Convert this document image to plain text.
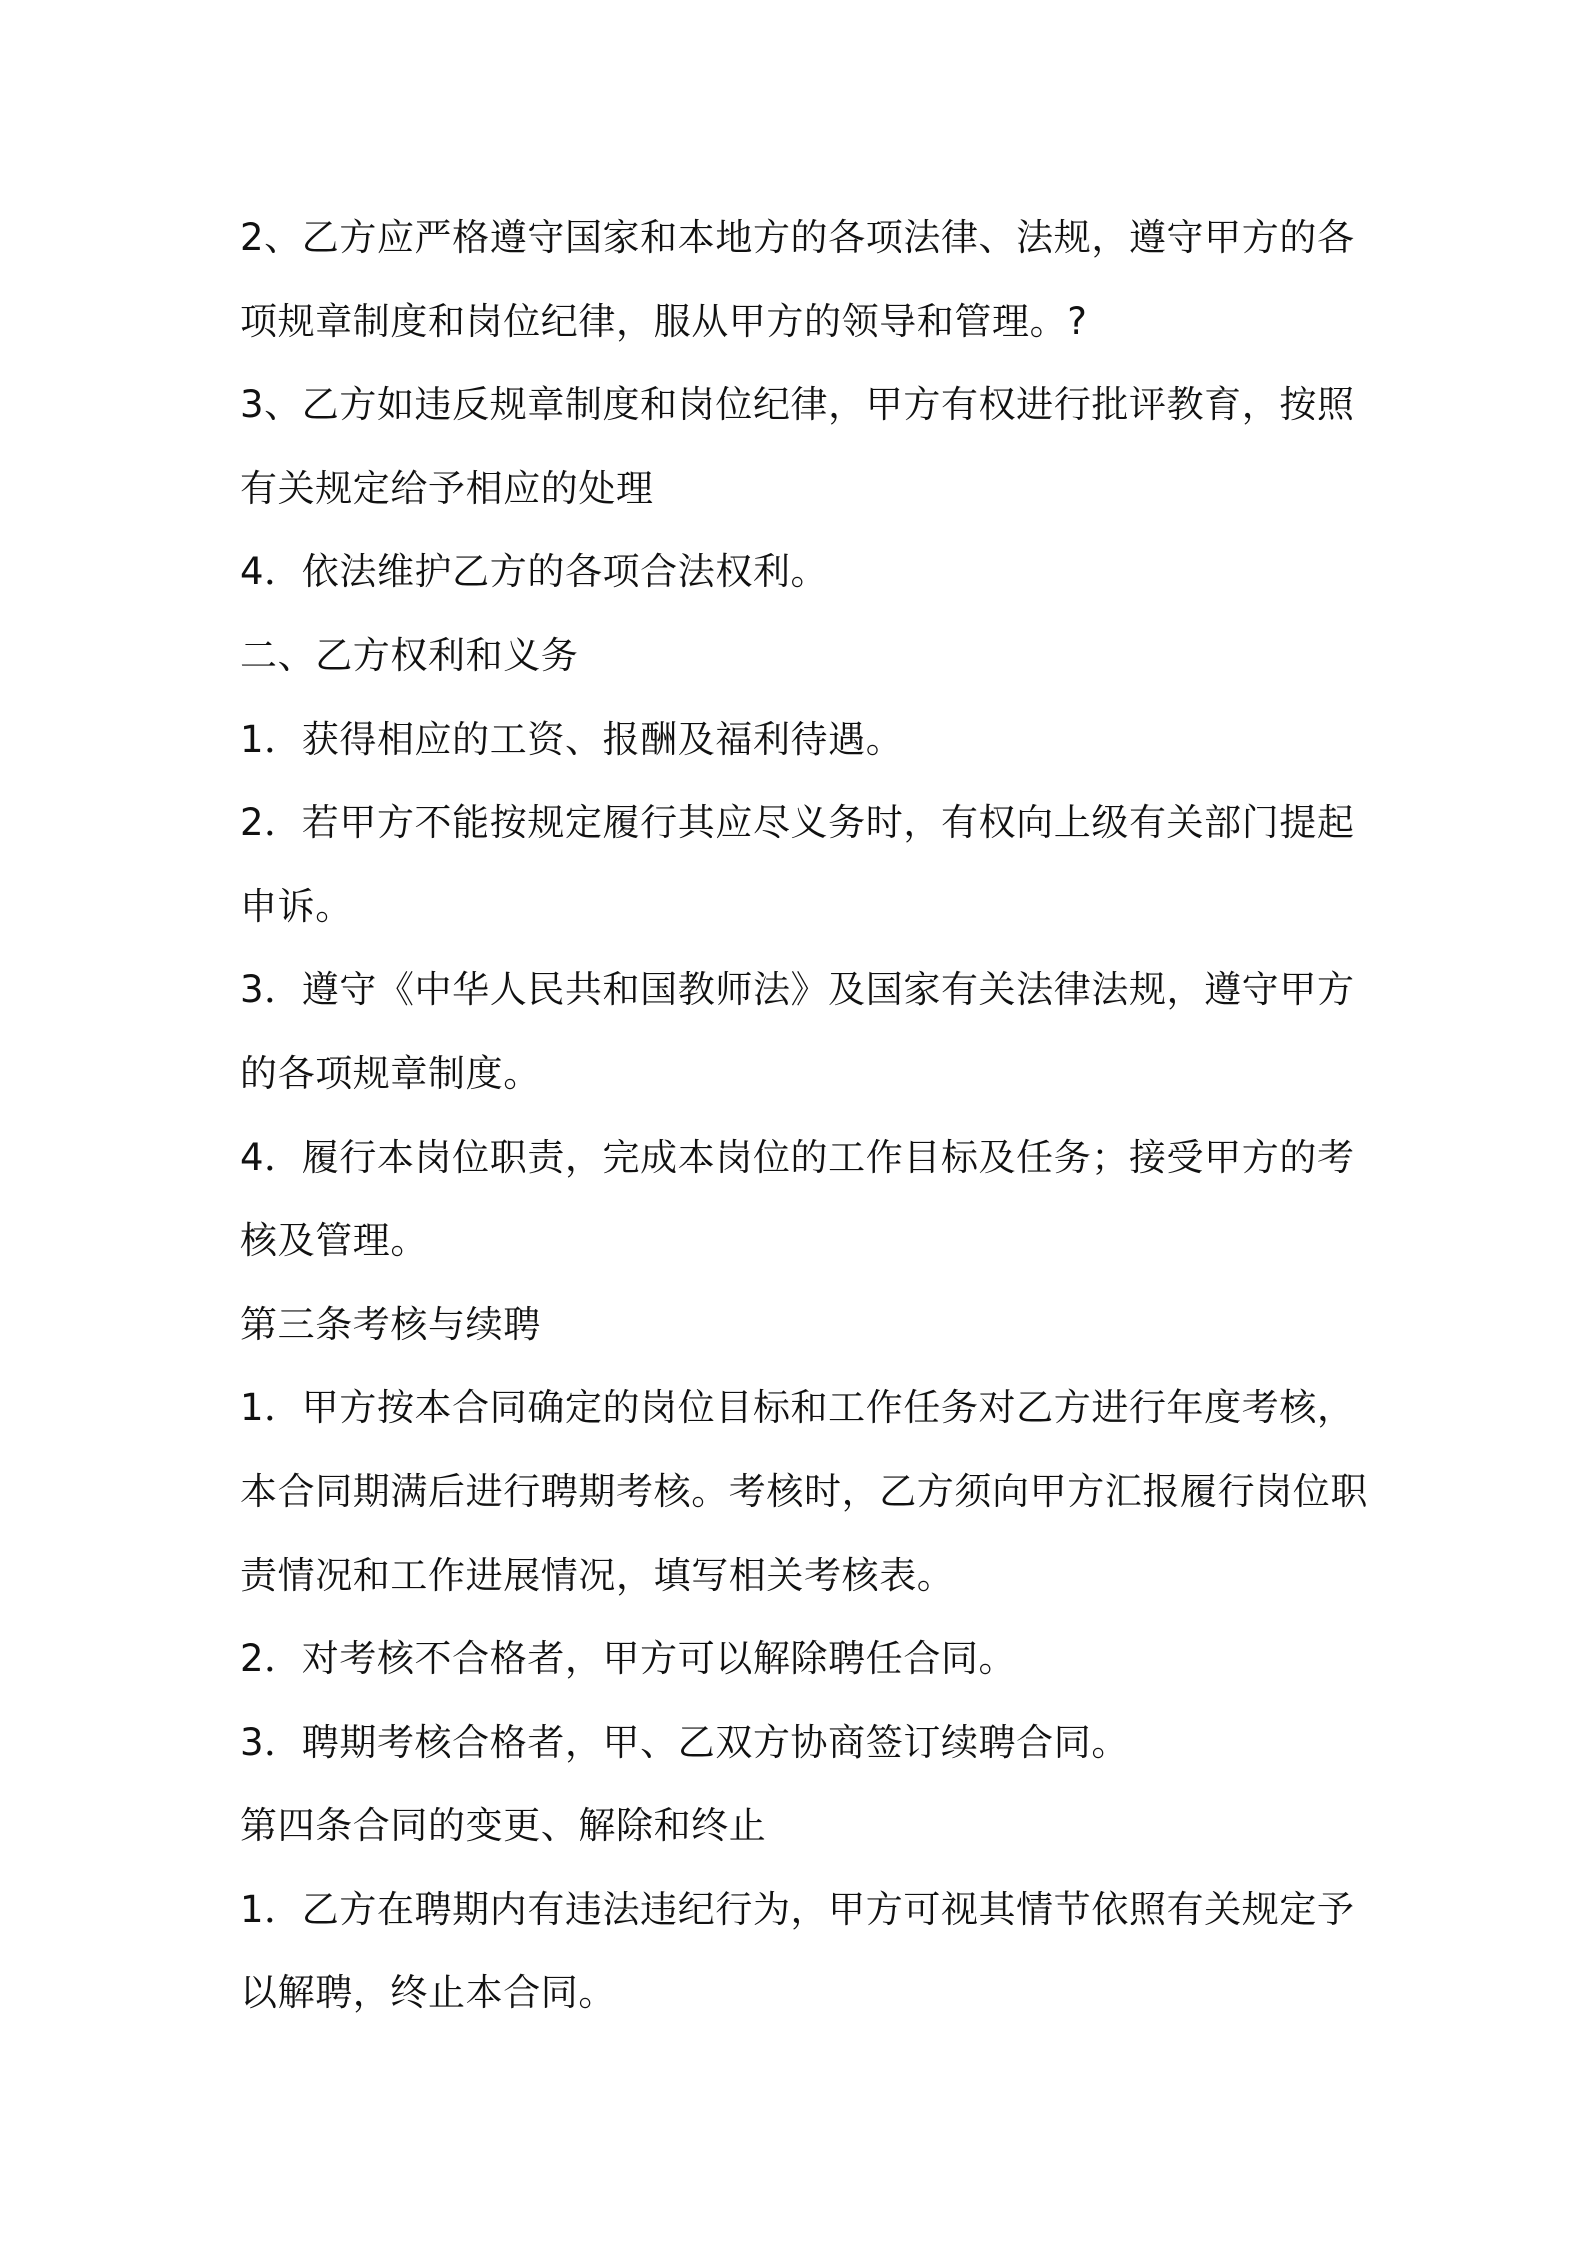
2、乙方应严格遵守国家和本地方的各项法律、法规，遵守甲方的各

项规章制度和岗位纪律，服从甲方的领导和管理。?

3、乙方如违反规章制度和岗位纪律，甲方有权进行批评教育，按照

有关规定给予相应的处理

4．依法维护乙方的各项合法权利。

二、乙方权利和义务

1．获得相应的工资、报酬及福利待遇。

2．若甲方不能按规定履行其应尽义务时，有权向上级有关部门提起

申诉。

3．遵守《中华人民共和国教师法》及国家有关法律法规，遵守甲方

的各项规章制度。

4．履行本岗位职责，完成本岗位的工作目标及任务；接受甲方的考

核及管理。

第三条考核与续聘

1．甲方按本合同确定的岗位目标和工作任务对乙方进行年度考核，

本合同期满后进行聘期考核。考核时，乙方须向甲方汇报履行岗位职

责情况和工作进展情况，填写相关考核表。

2．对考核不合格者，甲方可以解除聘任合同。

3．聘期考核合格者，甲、乙双方协商签订续聘合同。

第四条合同的变更、解除和终止

1．乙方在聘期内有违法违纪行为，甲方可视其情节依照有关规定予

以解聘，终止本合同。
